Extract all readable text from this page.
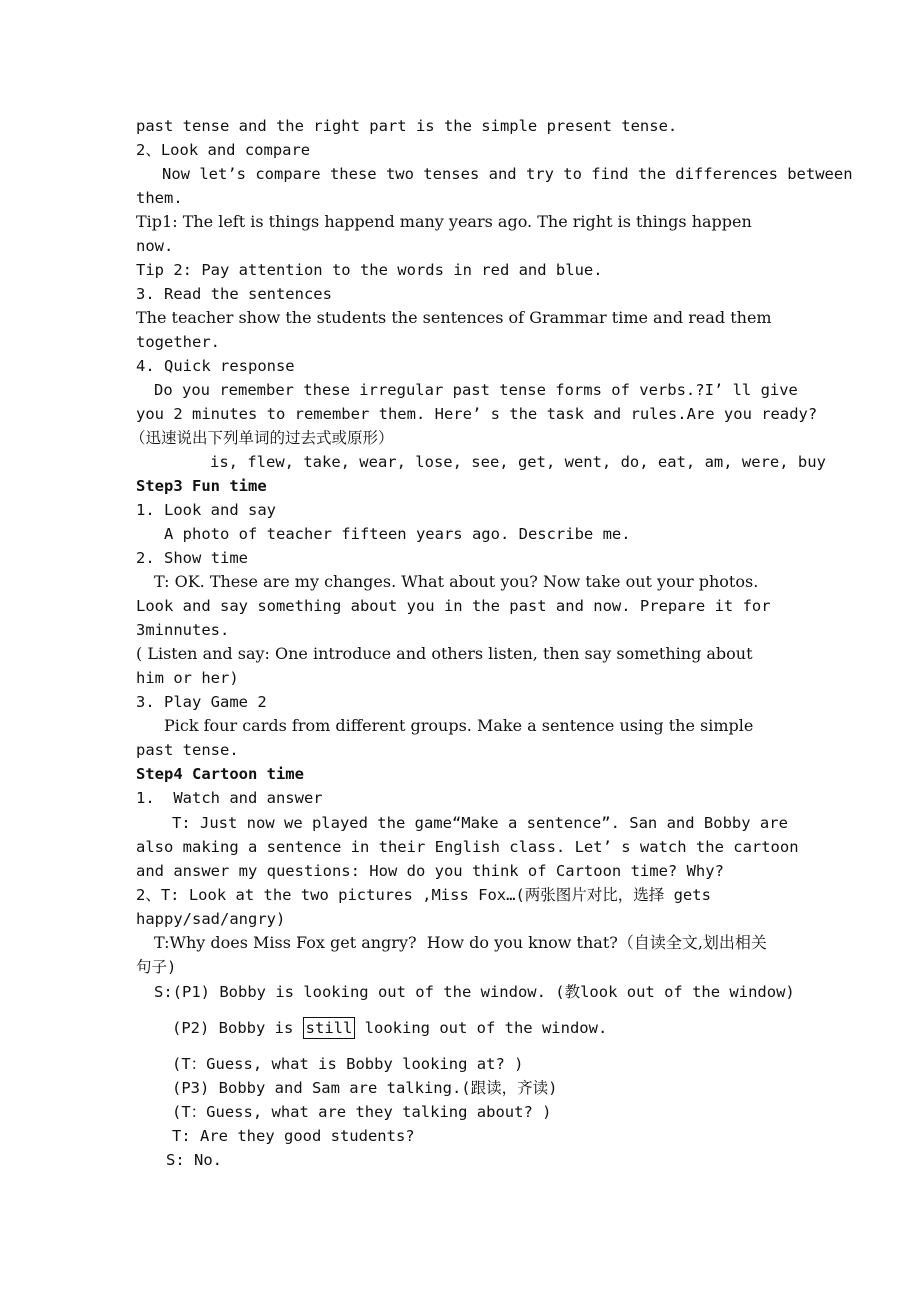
past tense and the right part is the simple present tense.
2、Look and compare
Now let’s compare these two tenses and try to find the differences between
them.
Tip1: The left is things happend many years ago. The right is things happen
now.
Tip 2: Pay attention to the words in red and blue.
3. Read the sentences
The teacher show the students the sentences of Grammar time and read them
together.
4. Quick response
Do you remember these irregular past tense forms of verbs.?I’ ll give
you 2 minutes to remember them. Here’ s the task and rules.Are you ready?
（迅速说出下列单词的过去式或原形）
is, flew, take, wear, lose, see, get, went, do, eat, am, were, buy
Step3 Fun time
1. Look and say
A photo of teacher fifteen years ago. Describe me.
2. Show time
T: OK. These are my changes. What about you? Now take out your photos.
Look and say something about you in the past and now. Prepare it for
3minnutes.
( Listen and say: One introduce and others listen, then say something about
him or her)
3. Play Game 2
Pick four cards from different groups. Make a sentence using the simple
past tense.
Step4 Cartoon time
1.  Watch and answer
T: Just now we played the game“Make a sentence”. San and Bobby are
also making a sentence in their English class. Let’ s watch the cartoon
and answer my questions: How do you think of Cartoon time? Why?
2、T: Look at the two pictures ,Miss Fox…(两张图片对比，选择 gets
happy/sad/angry)
T:Why does Miss Fox get angry?  How do you know that?（自读全文,划出相关
句子)
S:(P1) Bobby is looking out of the window. (教look out of the window)
(P2) Bobby is still looking out of the window.
(T：Guess, what is Bobby looking at? )
(P3) Bobby and Sam are talking.(跟读，齐读)
(T：Guess, what are they talking about? )
T: Are they good students?
S: No.
